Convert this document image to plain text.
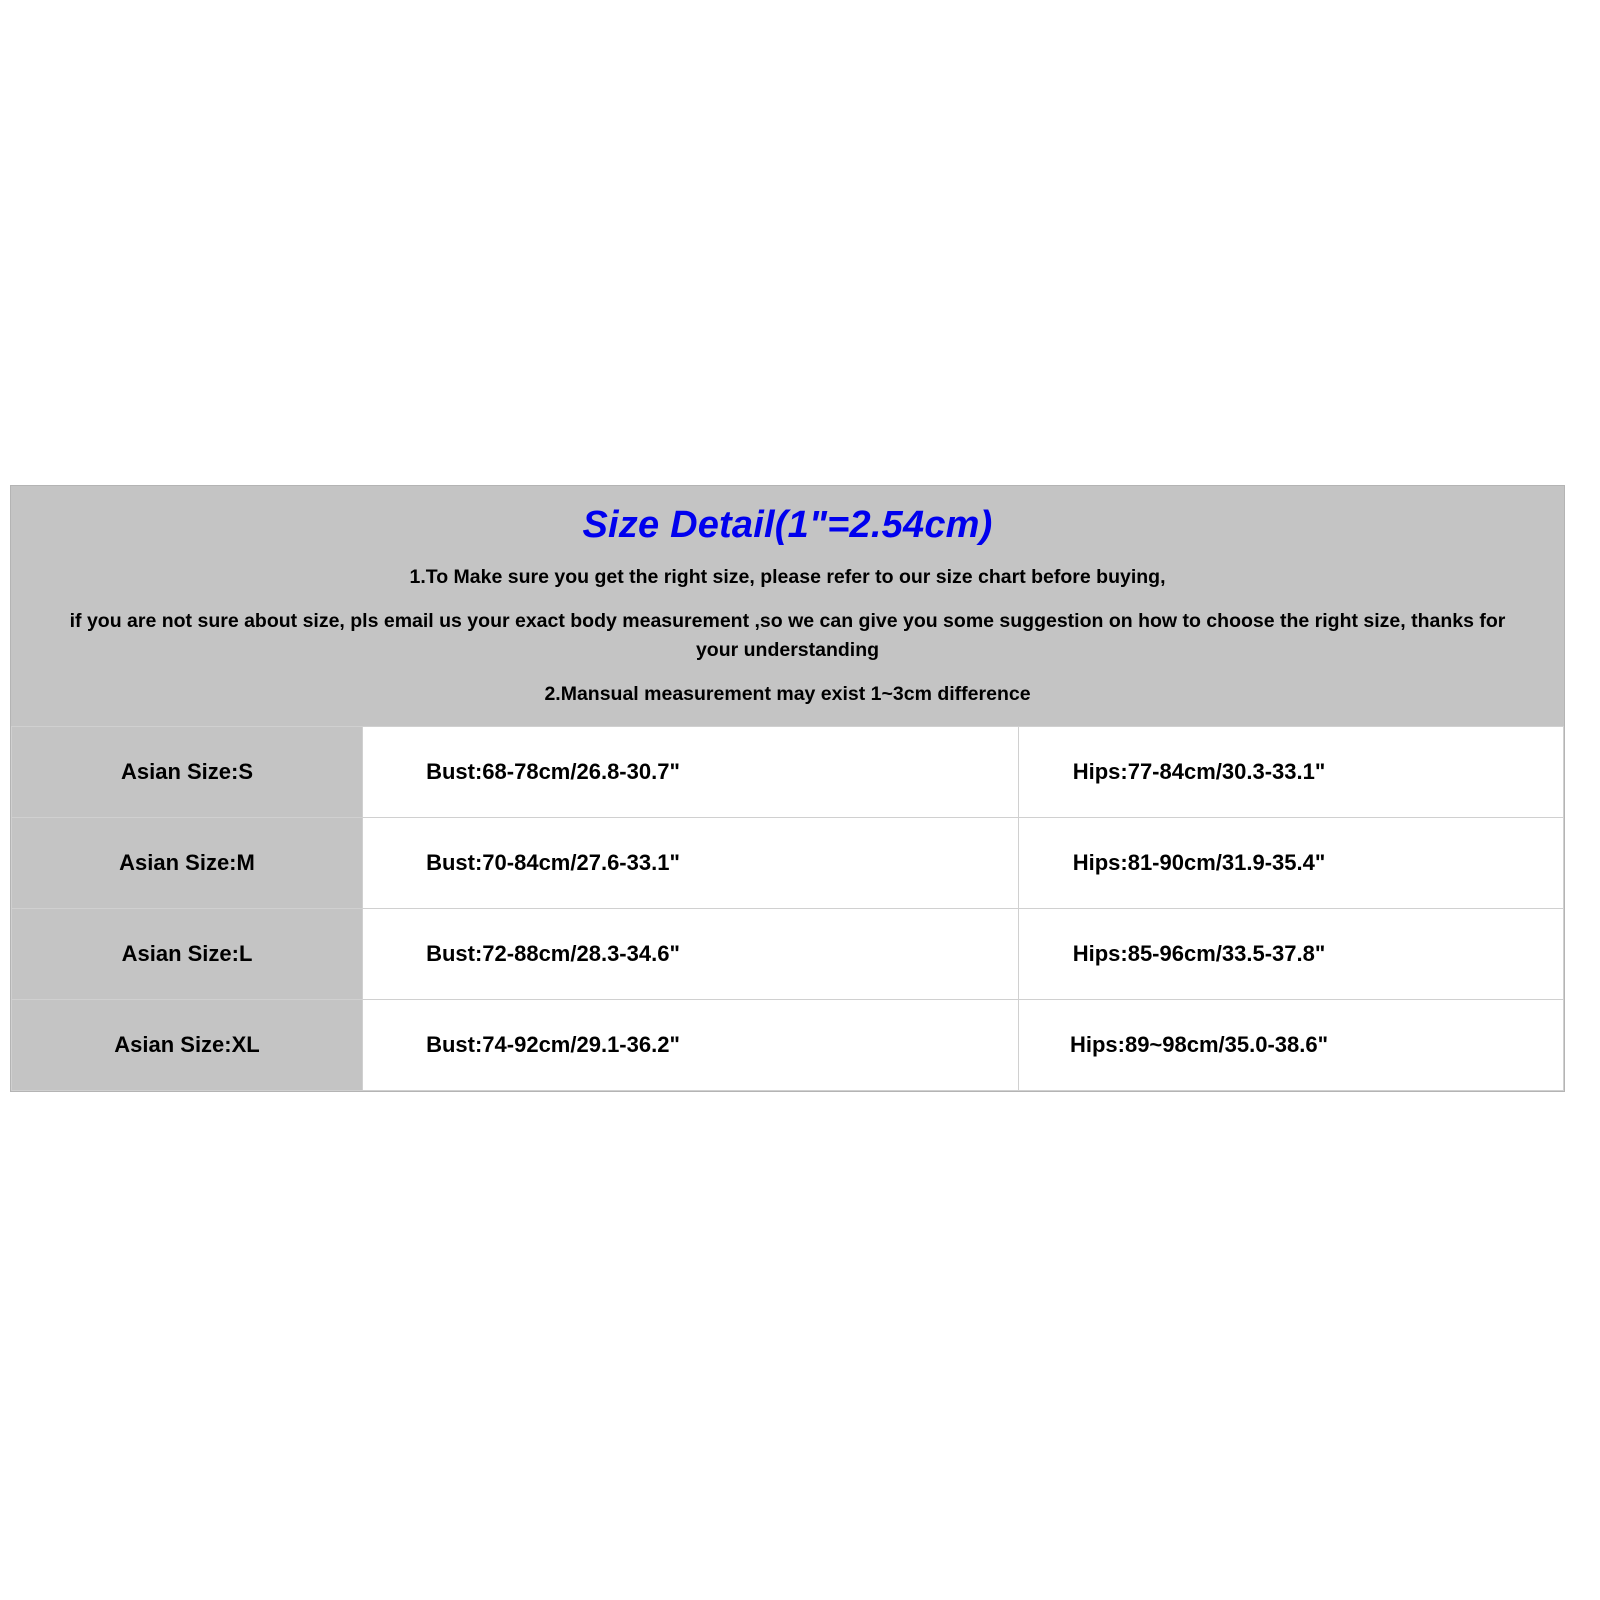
Size Detail(1"=2.54cm)
1.To Make sure you get the right size, please refer to our size chart before buying,
if you are not sure about size, pls email us your exact body measurement ,so we can give you some suggestion on how to choose the right size, thanks for your understanding
2.Mansual measurement may exist 1~3cm difference
Asian Size:S	Bust:68-78cm/26.8-30.7"	Hips:77-84cm/30.3-33.1"

Asian Size:M	Bust:70-84cm/27.6-33.1"	Hips:81-90cm/31.9-35.4"

Asian Size:L	Bust:72-88cm/28.3-34.6"	Hips:85-96cm/33.5-37.8"

Asian Size:XL	Bust:74-92cm/29.1-36.2"	Hips:89~98cm/35.0-38.6"
